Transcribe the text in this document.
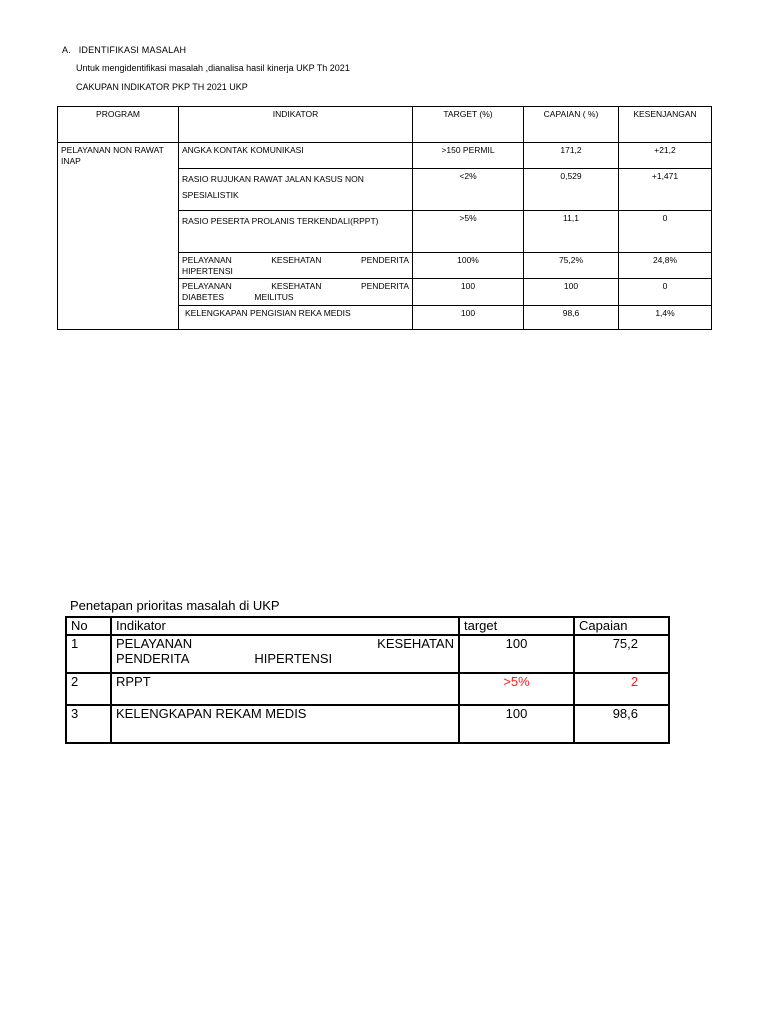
A. IDENTIFIKASI MASALAH
Untuk mengidentifikasi masalah ,dianalisa hasil kinerja UKP Th 2021
CAKUPAN INDIKATOR PKP TH 2021 UKP
PROGRAM	INDIKATOR	TARGET (%)	CAPAIAN ( %)	KESENJANGAN
PELAYANAN NON RAWAT INAP	ANGKA KONTAK KOMUNIKASI	>150 PERMIL	171,2	+21,2
	RASIO RUJUKAN RAWAT JALAN KASUS NON SPESIALISTIK	<2%	0,529	+1,471
	RASIO PESERTA PROLANIS TERKENDALI(RPPT)	>5%	11,1	0
	PELAYANAN KESEHATAN PENDERITA HIPERTENSI	100%	75,2%	24,8%
	PELAYANAN KESEHATAN PENDERITA DIABETES MEILITUS	100	100	0
	KELENGKAPAN PENGISIAN REKA MEDIS	100	98,6	1,4%
Penetapan prioritas masalah di UKP
No	Indikator	target	Capaian
1	PELAYANAN KESEHATAN PENDERITA HIPERTENSI	100	75,2
2	RPPT	>5%	2
3	KELENGKAPAN REKAM MEDIS	100	98,6
